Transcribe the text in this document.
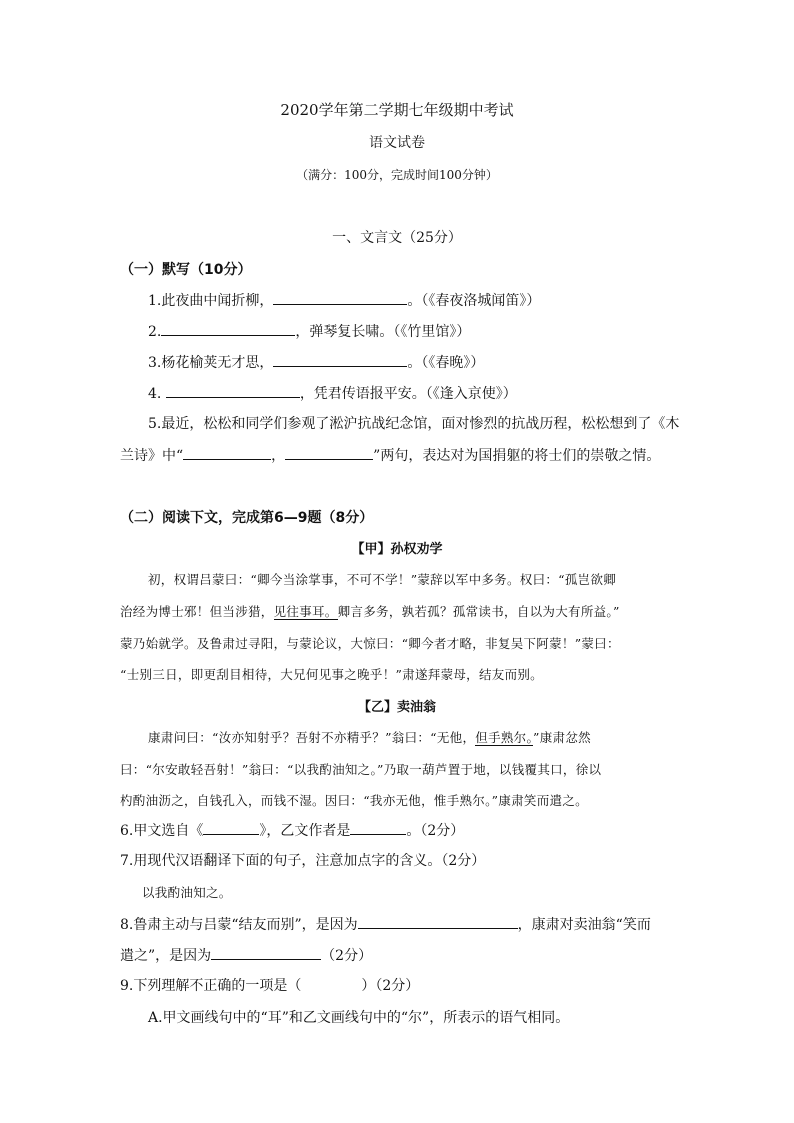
2020学年第二学期七年级期中考试
语文试卷
（满分：100分，完成时间100分钟）
一、文言文（25分）
（一）默写（10分）
1.此夜曲中闻折柳，	。（《春夜洛城闻笛》）
2.	，弹琴复长啸。（《竹里馆》）
3.杨花榆荚无才思，	。（《春晚》）
4.	，凭君传语报平安。（《逢入京使》）
5.最近，松松和同学们参观了淞沪抗战纪念馆，面对惨烈的抗战历程，松松想到了《木
兰诗》中“	，	”两句，表达对为国捐躯的将士们的崇敬之情。
（二）阅读下文，完成第6—9题（8分）
【甲】孙权劝学
初，权谓吕蒙曰：“卿今当涂掌事，不可不学！”蒙辞以军中多务。权曰：“孤岂欲卿
治经为博士邪！但当涉猎，见往事耳。卿言多务，孰若孤？孤常读书，自以为大有所益。”
蒙乃始就学。及鲁肃过寻阳，与蒙论议，大惊曰：“卿今者才略，非复吴下阿蒙！”蒙曰：
“士别三日，即更刮目相待，大兄何见事之晚乎！”肃遂拜蒙母，结友而别。
【乙】卖油翁
康肃问曰：“汝亦知射乎？吾射不亦精乎？”翁曰：“无他，但手熟尔。”康肃忿然
曰：“尔安敢轻吾射！”翁曰：“以我酌油知之。”乃取一葫芦置于地，以钱覆其口，徐以
杓酌油沥之，自钱孔入，而钱不湿。因曰：“我亦无他，惟手熟尔。”康肃笑而遣之。
6.甲文选自《	》，乙文作者是	。（2分）
7.用现代汉语翻译下面的句子，注意加点字的含义。（2分）
以我酌油知之。
8.鲁肃主动与吕蒙“结友而别”，是因为	，康肃对卖油翁“笑而
遣之”，是因为	（2分）
9.下列理解不正确的一项是（	）（2分）
A.甲文画线句中的“耳”和乙文画线句中的“尔”，所表示的语气相同。
